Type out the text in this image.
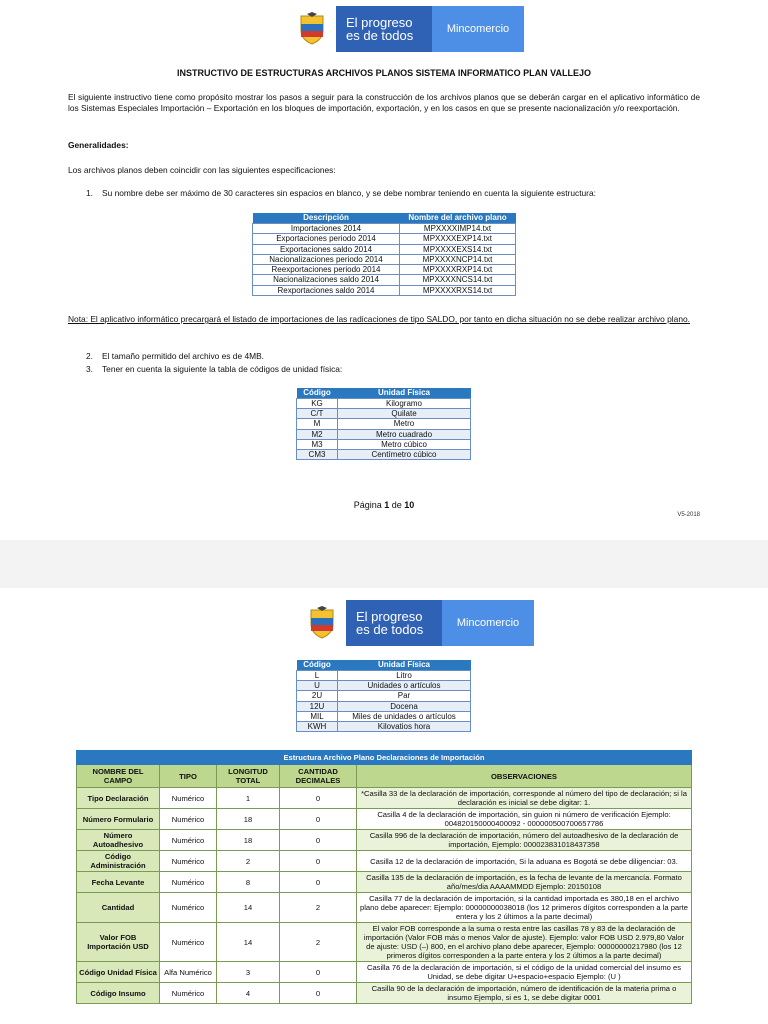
El progreso
es de todos	Mincomercio
INSTRUCTIVO DE ESTRUCTURAS ARCHIVOS PLANOS SISTEMA INFORMATICO PLAN VALLEJO
El siguiente instructivo tiene como propósito mostrar los pasos a seguir para la construcción de los archivos planos que se deberán cargar en el aplicativo informático de los Sistemas Especiales Importación – Exportación en los bloques de importación, exportación, y en los casos en que se presente nacionalización y/o reexportación.
Generalidades:
Los archivos planos deben coincidir con las siguientes especificaciones:
1. Su nombre debe ser máximo de 30 caracteres sin espacios en blanco, y se debe nombrar teniendo en cuenta la siguiente estructura:
Descripción	Nombre del archivo plano
Importaciones 2014	MPXXXXIMP14.txt
Exportaciones periodo 2014	MPXXXXEXP14.txt
Exportaciones saldo 2014	MPXXXXEXS14.txt
Nacionalizaciones periodo 2014	MPXXXXNCP14.txt
Reexportaciones periodo 2014	MPXXXXRXP14.txt
Nacionalizaciones saldo 2014	MPXXXXNCS14.txt
Rexportaciones saldo 2014	MPXXXXRXS14.txt
Nota: El aplicativo informático precargará el listado de importaciones de las radicaciones de tipo SALDO, por tanto en dicha situación no se debe realizar archivo plano.
2. El tamaño permitido del archivo es de 4MB.
3. Tener en cuenta la siguiente la tabla de códigos de unidad física:
Código	Unidad Física
KG	Kilogramo
C/T	Quilate
M	Metro
M2	Metro cuadrado
M3	Metro cúbico
CM3	Centímetro cúbico
Página 1 de 10
V5-2018
El progreso
es de todos	Mincomercio
Código	Unidad Física
L	Litro
U	Unidades o artículos
2U	Par
12U	Docena
MIL	Miles de unidades o artículos
KWH	Kilovatios hora
Estructura Archivo Plano Declaraciones de Importación				
NOMBRE DEL CAMPO	TIPO	LONGITUD TOTAL	CANTIDAD DECIMALES	OBSERVACIONES
Tipo Declaración	Numérico	1	0	*Casilla 33 de la declaración de importación, corresponde al número del tipo de declaración; si la declaración es inicial se debe digitar: 1.
Número Formulario	Numérico	18	0	Casilla 4 de la declaración de importación, sin guion ni número de verificación Ejemplo: 004820150000400092 - 000000500700657786
Número Autoadhesivo	Numérico	18	0	Casilla 996 de la declaración de importación, número del autoadhesivo de la declaración de importación, Ejemplo: 000023831018437358
Código Administración	Numérico	2	0	Casilla 12 de la declaración de importación, Si la aduana es Bogotá se debe diligenciar: 03.
Fecha Levante	Numérico	8	0	Casilla 135 de la declaración de importación, es la fecha de levante de la mercancía. Formato año/mes/dia AAAAMMDD Ejemplo: 20150108
Cantidad	Numérico	14	2	Casilla 77 de la declaración de importación, si la cantidad importada es 380,18 en el archivo plano debe aparecer: Ejemplo: 00000000038018 (los 12 primeros dígitos corresponden a la parte entera y los 2 últimos a la parte decimal)
Valor FOB Importación USD	Numérico	14	2	El valor FOB corresponde a la suma o resta entre las casillas 78 y 83 de la declaración de importación (Valor FOB más o menos Valor de ajuste). Ejemplo: valor FOB USD 2.979,80 Valor de ajuste: USD (–) 800, en el archivo plano debe aparecer, Ejemplo: 00000000217980 (los 12 primeros dígitos corresponden a la parte entera y los 2 últimos a la parte decimal)
Código Unidad Física	Alfa Numérico	3	0	Casilla 76 de la declaración de importación, si el código de la unidad comercial del insumo es Unidad, se debe digitar U+espacio+espacio Ejemplo: (U )
Código Insumo	Numérico	4	0	Casilla 90 de la declaración de importación, número de identificación de la materia prima o insumo Ejemplo, si es 1, se debe digitar 0001
